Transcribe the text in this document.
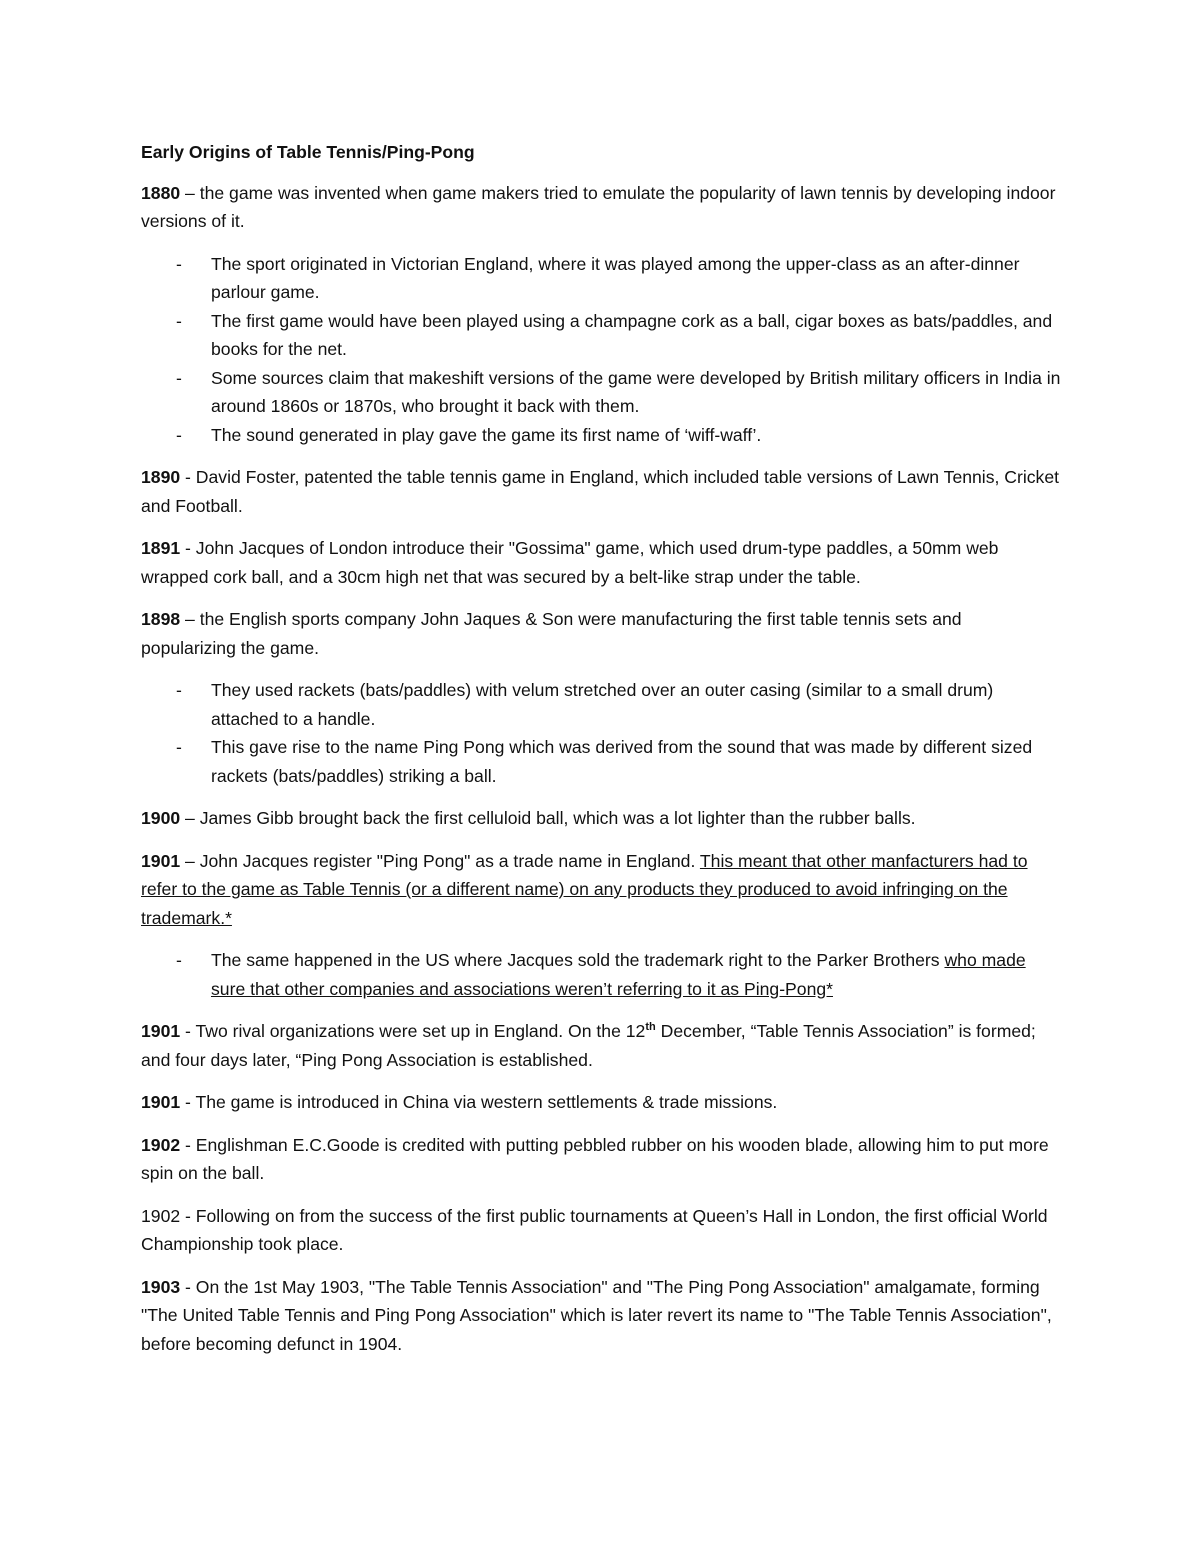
Early Origins of Table Tennis/Ping-Pong

1880 – the game was invented when game makers tried to emulate the popularity of lawn tennis by developing indoor versions of it.

- The sport originated in Victorian England, where it was played among the upper-class as an after-dinner parlour game.
- The first game would have been played using a champagne cork as a ball, cigar boxes as bats/paddles, and books for the net.
- Some sources claim that makeshift versions of the game were developed by British military officers in India in around 1860s or 1870s, who brought it back with them.
- The sound generated in play gave the game its first name of ‘wiff-waff’.

1890 - David Foster, patented the table tennis game in England, which included table versions of Lawn Tennis, Cricket and Football.

1891 - John Jacques of London introduce their "Gossima" game, which used drum-type paddles, a 50mm web wrapped cork ball, and a 30cm high net that was secured by a belt-like strap under the table.

1898 – the English sports company John Jaques & Son were manufacturing the first table tennis sets and popularizing the game.

- They used rackets (bats/paddles) with velum stretched over an outer casing (similar to a small drum) attached to a handle.
- This gave rise to the name Ping Pong which was derived from the sound that was made by different sized rackets (bats/paddles) striking a ball.

1900 – James Gibb brought back the first celluloid ball, which was a lot lighter than the rubber balls.

1901 – John Jacques register "Ping Pong" as a trade name in England. This meant that other manfacturers had to refer to the game as Table Tennis (or a different name) on any products they produced to avoid infringing on the trademark.*

- The same happened in the US where Jacques sold the trademark right to the Parker Brothers who made sure that other companies and associations weren’t referring to it as Ping-Pong*

1901 - Two rival organizations were set up in England. On the 12th December, “Table Tennis Association” is formed; and four days later, “Ping Pong Association is established.

1901 - The game is introduced in China via western settlements & trade missions.

1902 - Englishman E.C.Goode is credited with putting pebbled rubber on his wooden blade, allowing him to put more spin on the ball.

1902 - Following on from the success of the first public tournaments at Queen’s Hall in London, the first official World Championship took place.

1903 - On the 1st May 1903, "The Table Tennis Association" and "The Ping Pong Association" amalgamate, forming "The United Table Tennis and Ping Pong Association" which is later revert its name to "The Table Tennis Association", before becoming defunct in 1904.
